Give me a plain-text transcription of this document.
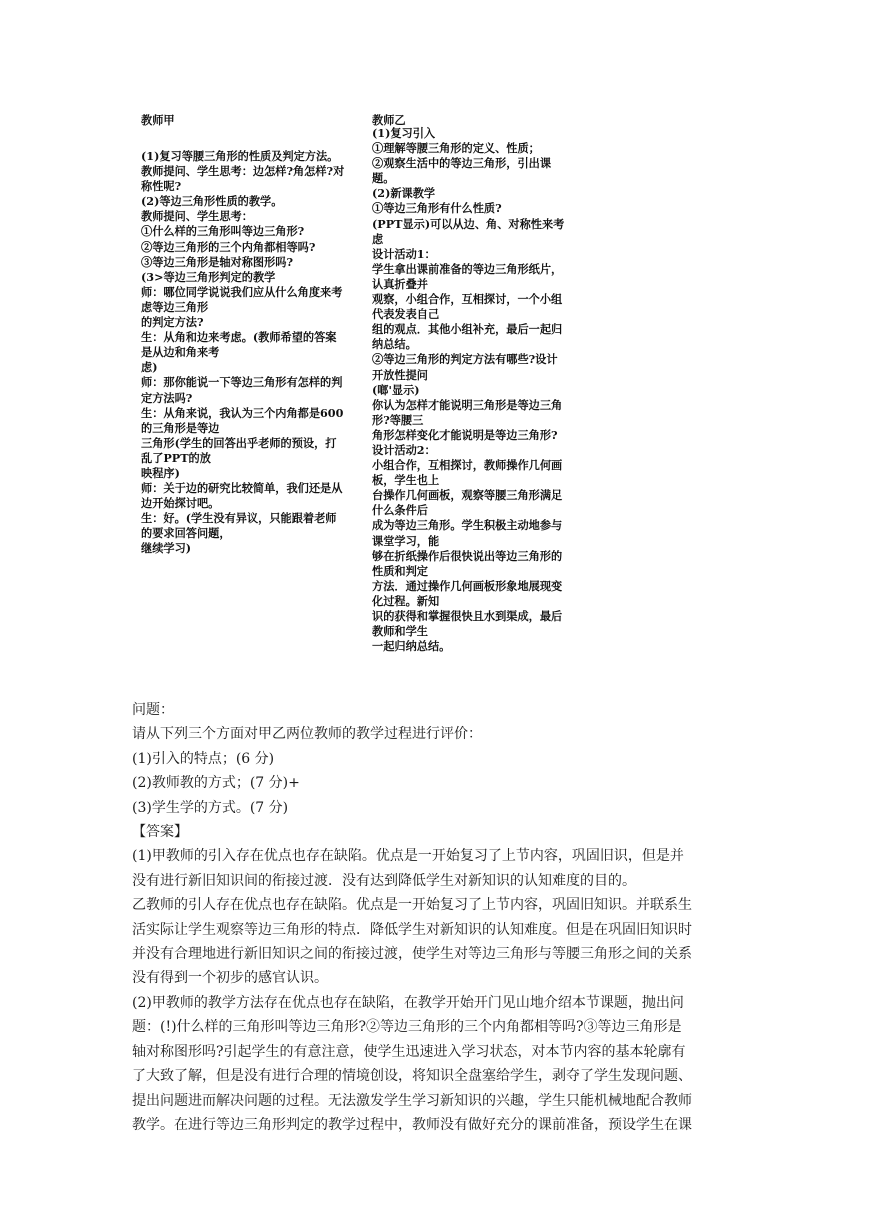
教师甲
(1)复习等腰三角形的性质及判定方法。
教师提问、学生思考：边怎样?角怎样?对
称性呢?
(2)等边三角形性质的教学。
教师提问、学生思考：
①什么样的三角形叫等边三角形?
②等边三角形的三个内角都相等吗?
③等边三角形是轴对称图形吗?
(3>等边三角形判定的教学
师：哪位同学说说我们应从什么角度来考
虑等边三角形
的判定方法?
生：从角和边来考虑。(教师希望的答案
是从边和角来考
虑)
师：那你能说一下等边三角形有怎样的判
定方法吗?
生：从角来说，我认为三个内角都是600
的三角形是等边
三角形(学生的回答出乎老师的预设，打
乱了PPT的放
映程序)
师：关于边的研究比较简单，我们还是从
边开始探讨吧。
生：好。(学生没有异议，只能跟着老师
的要求回答问题，
继续学习)
教师乙
(1)复习引入
①理解等腰三角形的定义、性质；
②观察生活中的等边三角形，引出课
题。
(2)新课教学
①等边三角形有什么性质?
(PPT显示)可以从边、角、对称性来考
虑
设计活动1：
学生拿出课前准备的等边三角形纸片，
认真折叠并
观察，小组合作，互相探讨，一个小组
代表发表自己
组的观点．其他小组补充，最后一起归
纳总结。
②等边三角形的判定方法有哪些?设计
开放性提问
(啷'显示)
你认为怎样才能说明三角形是等边三角
形?等腰三
角形怎样变化才能说明是等边三角形?
设计活动2：
小组合作，互相探讨，教师操作几何画
板，学生也上
台操作几何画板，观察等腰三角形满足
什么条件后
成为等边三角形。学生积极主动地参与
课堂学习，能
够在折纸操作后很快说出等边三角形的
性质和判定
方法．通过操作几何画板形象地展现变
化过程。新知
识的获得和掌握很快且水到渠成，最后
教师和学生
一起归纳总结。

问题：

请从下列三个方面对甲乙两位教师的教学过程进行评价：

(1)引入的特点；(6 分)

(2)教师教的方式；(7 分)+

(3)学生学的方式。(7 分)

【答案】

(1)甲教师的引入存在优点也存在缺陷。优点是一开始复习了上节内容，巩固旧识，但是并

没有进行新旧知识间的衔接过渡．没有达到降低学生对新知识的认知难度的目的。

乙教师的引人存在优点也存在缺陷。优点是一开始复习了上节内容，巩固旧知识。并联系生

活实际让学生观察等边三角形的特点．降低学生对新知识的认知难度。但是在巩固旧知识时

并没有合理地进行新旧知识之间的衔接过渡，使学生对等边三角形与等腰三角形之间的关系

没有得到一个初步的感官认识。

(2)甲教师的教学方法存在优点也存在缺陷，在教学开始开门见山地介绍本节课题，抛出问

题：(!)什么样的三角形叫等边三角形?②等边三角形的三个内角都相等吗?③等边三角形是

轴对称图形吗?引起学生的有意注意，使学生迅速进入学习状态，对本节内容的基本轮廓有

了大致了解，但是没有进行合理的情境创设，将知识全盘塞给学生，剥夺了学生发现问题、

提出问题进而解决问题的过程。无法激发学生学习新知识的兴趣，学生只能机械地配合教师

教学。在进行等边三角形判定的教学过程中，教师没有做好充分的课前准备，预设学生在课
